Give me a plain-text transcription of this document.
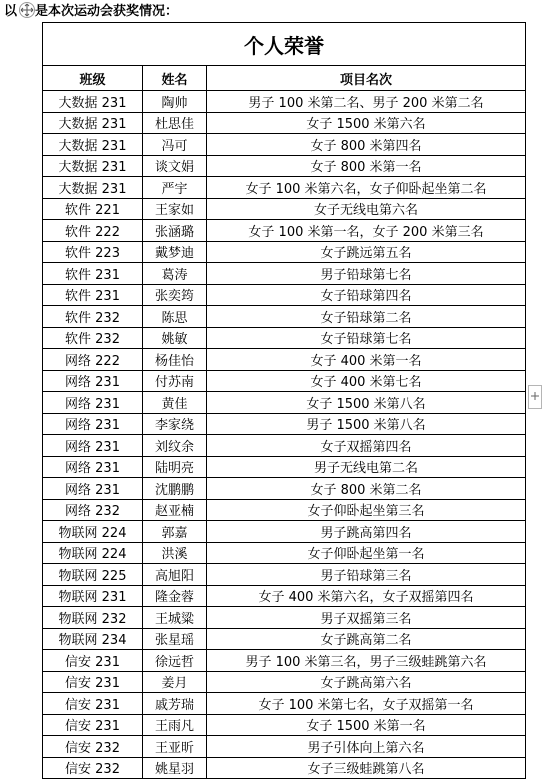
以 是本次运动会获奖情况：
个人荣誉		
班级	姓名	项目名次
大数据 231	陶帅	男子 100 米第二名、男子 200 米第二名
大数据 231	杜思佳	女子 1500 米第六名
大数据 231	冯可	女子 800 米第四名
大数据 231	谈文娟	女子 800 米第一名
大数据 231	严宇	女子 100 米第六名，女子仰卧起坐第二名
软件 221	王家如	女子无线电第六名
软件 222	张涵璐	女子 100 米第一名，女子 200 米第三名
软件 223	戴梦迪	女子跳远第五名
软件 231	葛涛	男子铅球第七名
软件 231	张奕筠	女子铅球第四名
软件 232	陈思	女子铅球第二名
软件 232	姚敏	女子铅球第七名
网络 222	杨佳怡	女子 400 米第一名
网络 231	付苏南	女子 400 米第七名
网络 231	黄佳	女子 1500 米第八名
网络 231	李家绕	男子 1500 米第八名
网络 231	刘纹余	女子双摇第四名
网络 231	陆明亮	男子无线电第二名
网络 231	沈鹏鹏	女子 800 米第二名
网络 232	赵亚楠	女子仰卧起坐第三名
物联网 224	郭嘉	男子跳高第四名
物联网 224	洪溪	女子仰卧起坐第一名
物联网 225	高旭阳	男子铅球第三名
物联网 231	隆金蓉	女子 400 米第六名，女子双摇第四名
物联网 232	王城粱	男子双摇第三名
物联网 234	张星瑶	女子跳高第二名
信安 231	徐远哲	男子 100 米第三名，男子三级蛙跳第六名
信安 231	姜月	女子跳高第六名
信安 231	戚芳瑞	女子 100 米第七名，女子双摇第一名
信安 231	王雨凡	女子 1500 米第一名
信安 232	王亚昕	男子引体向上第六名
信安 232	姚星羽	女子三级蛙跳第八名
